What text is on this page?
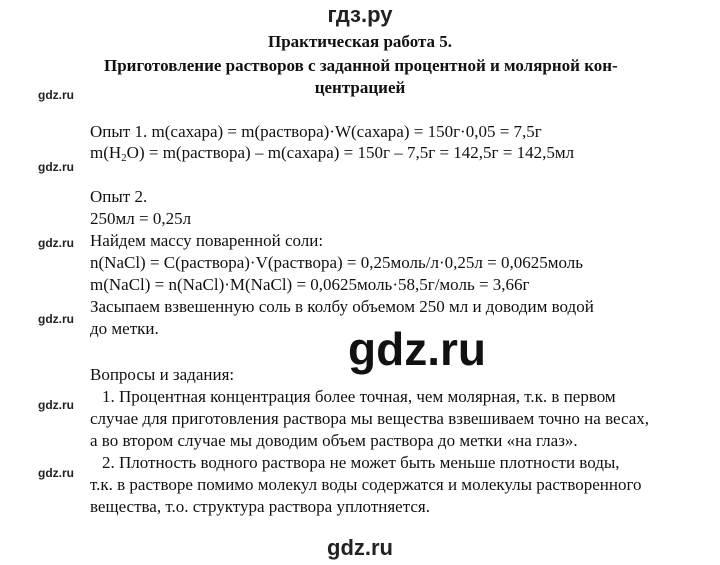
гдз.ру
Практическая работа 5.
Приготовление растворов с заданной процентной и молярной кон-
центрацией
gdz.ru
gdz.ru
gdz.ru
gdz.ru
gdz.ru
gdz.ru
Опыт 1. m(сахара) = m(раствора)·W(сахара) = 150г·0,05 = 7,5г
$m(H_2O)$ = m(раствора) – m(сахара) = 150г – 7,5г = 142,5г = 142,5мл
Опыт 2.
250мл = 0,25л
Найдем массу поваренной соли:
n(NaCl) = C(раствора)·V(раствора) = 0,25моль/л·0,25л = 0,0625моль
m(NaCl) = n(NaCl)·M(NaCl) = 0,0625моль·58,5г/моль = 3,66г
Засыпаем взвешенную соль в колбу объемом 250 мл и доводим водой
до метки.	gdz.ru
Вопросы и задания:
1. Процентная концентрация более точная, чем молярная, т.к. в первом
случае для приготовления раствора мы вещества взвешиваем точно на весах,
а во втором случае мы доводим объем раствора до метки «на глаз».
2. Плотность водного раствора не может быть меньше плотности воды,
т.к. в растворе помимо молекул воды содержатся и молекулы растворенного
вещества, т.о. структура раствора уплотняется.
gdz.ru
